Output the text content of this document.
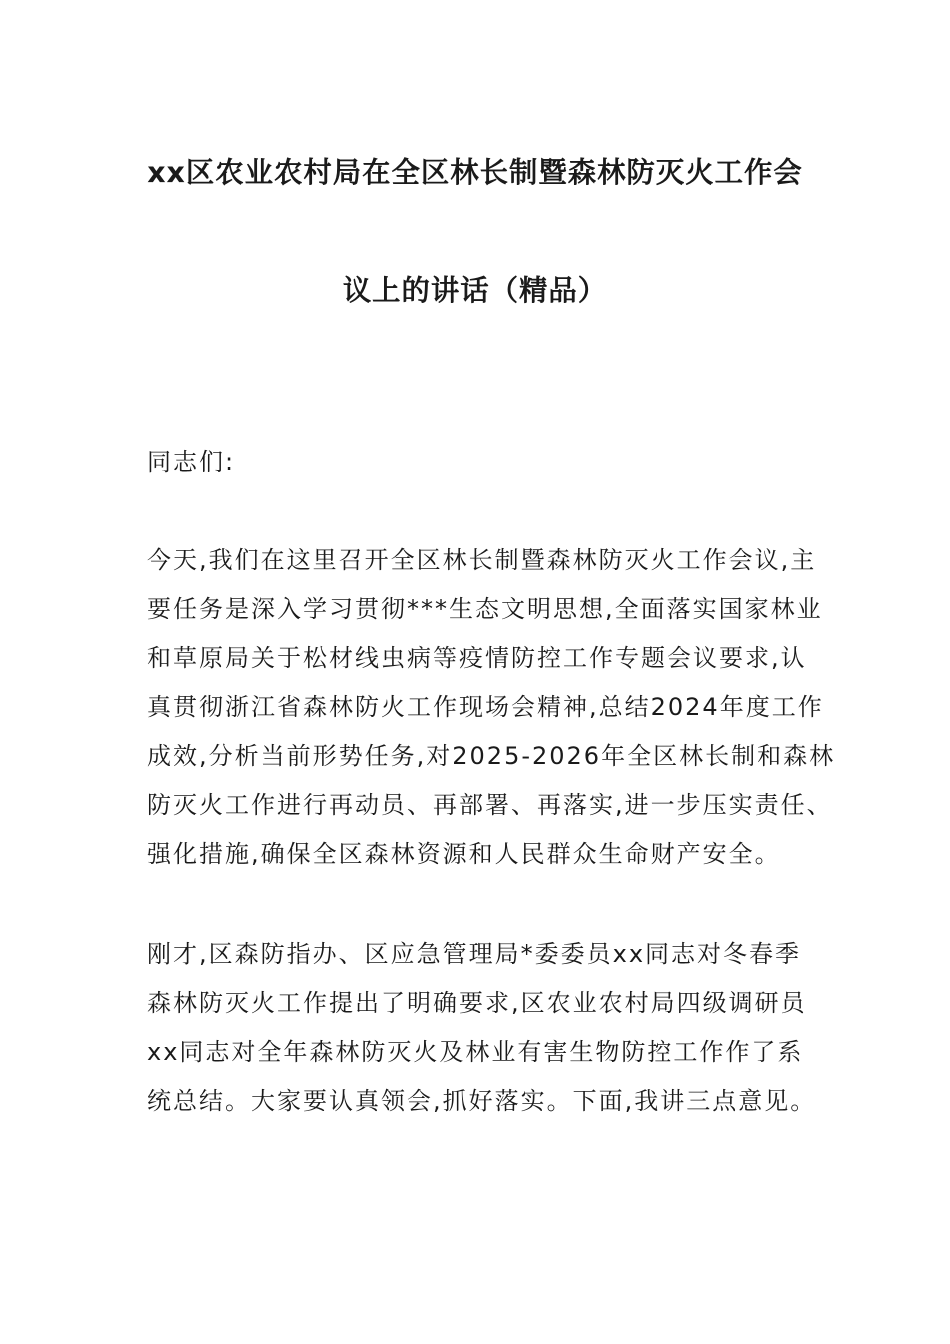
xx区农业农村局在全区林长制暨森林防灭火工作会
议上的讲话（精品）
同志们:
今天,我们在这里召开全区林长制暨森林防灭火工作会议,主
要任务是深入学习贯彻***生态文明思想,全面落实国家林业
和草原局关于松材线虫病等疫情防控工作专题会议要求,认
真贯彻浙江省森林防火工作现场会精神,总结2024年度工作
成效,分析当前形势任务,对2025-2026年全区林长制和森林
防灭火工作进行再动员、再部署、再落实,进一步压实责任、
强化措施,确保全区森林资源和人民群众生命财产安全。
刚才,区森防指办、区应急管理局*委委员xx同志对冬春季
森林防灭火工作提出了明确要求,区农业农村局四级调研员
xx同志对全年森林防灭火及林业有害生物防控工作作了系
统总结。大家要认真领会,抓好落实。下面,我讲三点意见。
